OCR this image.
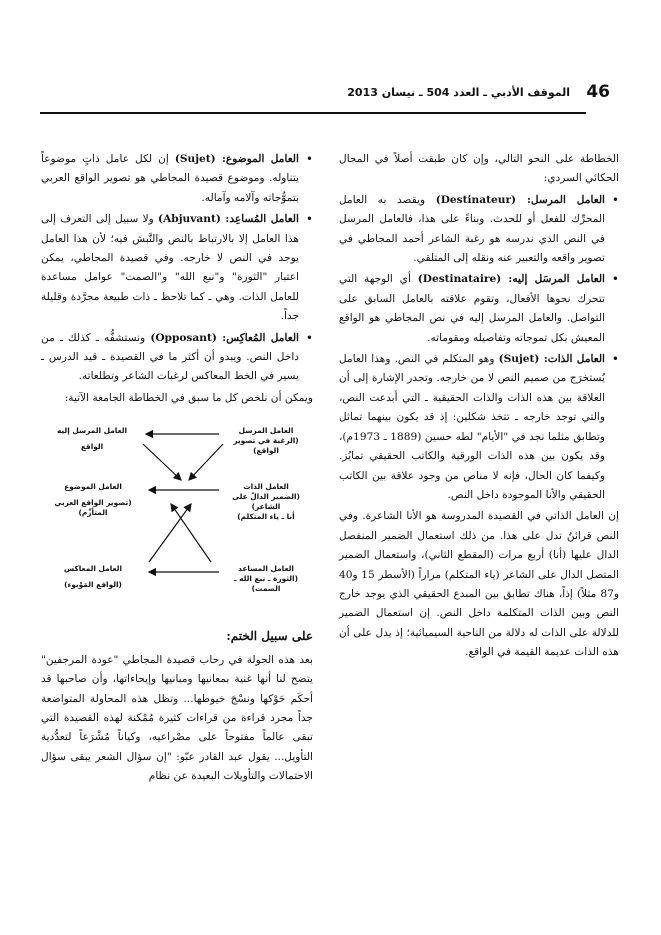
46
الموقف الأدبي ـ العدد 504 ـ نيسان 2013

الخطاطة على النحو التالي، وإن كان طبقت أصلاً في المجال الحكائي السردي:

• العامل المرسل: (Destinateur) ويقصد به العامل المحرِّك للفعل أو للحدث. وبناءً على هذا، فالعامل المرسل في النص الذي ندرسه هو رغبة الشاعر أحمد المجاطي في تصوير واقعه والتعبير عنه ونقله إلى المتلقي.

• العامل المرسَل إليه: (Destinataire) أي الوجهة التي تتحرك نحوها الأفعال، وتقوم علاقته بالعامل السابق على التواصل. والعامل المرسل إليه في نص المجاطي هو الواقع المعيش بكل تموجاته وتفاصيله ومقوماته.

• العامل الذات: (Sujet) وهو المتكلم في النص. وهذا العامل يُستخرَج من صميم النص لا من خارجه. وتجدر الإشارة إلى أن العلاقة بين هذه الذات والذات الحقيقية ـ التي أبدعت النص، والتي توجد خارجه ـ تتخذ شكلين: إذ قد يكون بينهما تماثل وتطابق مثلما نجد في "الأيام" لطه حسين (1889 ـ 1973م)، وقد يكون بين هذه الذات الورقية والكاتب الحقيقي تمايُز. وكيفما كان الحال، فإنه لا مناص من وجود علاقة بين الكاتب الحقيقي والأنا الموجودة داخل النص.

إن العامل الذاتي في القصيدة المدروسة هو الأنا الشاعرة. وفي النص قرائنُ تدل على هذا. من ذلك استعمال الضمير المنفصل الدال عليها (أنا) أربع مرات (المقطع الثاني)، واستعمال الضمير المتصل الدال على الشاعر (ياء المتكلم) مراراً (الأسطر 15 و40 و87 مثلاً) إذاً، هناك تطابق بين المبدع الحقيقي الذي يوجد خارج النص وبين الذات المتكلمة داخل النص. إن استعمال الضمير للدلالة على الذات له دلالة من الناحية السيميائية؛ إذ يدل على أن هذه الذات عديمة القيمة في الواقع.

• العامل الموضوع: (Sujet) إن لكل عامل ذاتٍ موضوعاً يتناوله. وموضوع قصيدة المجاطي هو تصوير الواقع العربي بتموُّجاته وآلامه وآماله.

• العامل المُساعِد: (Abjuvant) ولا سبيل إلى التعرف إلى هذا العامل إلا بالارتباط بالنص والنَّبش فيه؛ لأن هذا العامل يوجد في النص لا خارجه. وفي قصيدة المجاطي، يمكن اعتبار "الثورة" و"نبع الله" و"الصمت" عوامل مساعدة للعامل الذات. وهي ـ كما تلاحظ ـ ذات طبيعة مجرَّدة وقليلة جداً.

• العامل المُعاكِس: (Opposant) ونستشفُّه ـ كذلك ـ من داخل النص. ويبدو أن أكثر ما في القصيدة ـ قيد الدرس ـ يسير في الخط المعاكس لرغبات الشاعر وتطلعاته.

ويمكن أن نلخص كل ما سبق في الخطاطة الجامعة الآتية:

العامل المرسل
(الرغبة في تصوير الواقع)
العامل المرسل إليه
الواقع
العامل الذات
(الضمير الدالّ على الشاعر)
أنا ـ ياء المتكلم)
العامل الموضوع
(تصوير الواقع العربي المتأزِّم)
العامل المساعد
(الثورة ـ نبع الله ـ الصمت)
العامل المعاكس
(الواقع المَوْبوء)
على سبيل الختم:

بعد هذه الجولة في رحاب قصيدة المجاطي "عودة المرجفين" يتضح لنا أنها غنية بمعانيها ومبانيها وإيحاءاتها، وأن صاحبها قد أحكَم حَوْكها ونسْجَ خيوطها... وتظل هذه المحاولة المتواضعة جداً مجرد قراءة من قراءات كثيرة مُمْكنة لهذه القصيدة التي تبقى عالماً مفتوحاً على مصْراعيه، وكياناً مُشْرَعاً لتعدُّدية التأويل... يقول عبد القادر عبّو: "إن سؤال الشعر يبقى سؤال الاحتمالات والتأويلات البعيدة عن نظام
